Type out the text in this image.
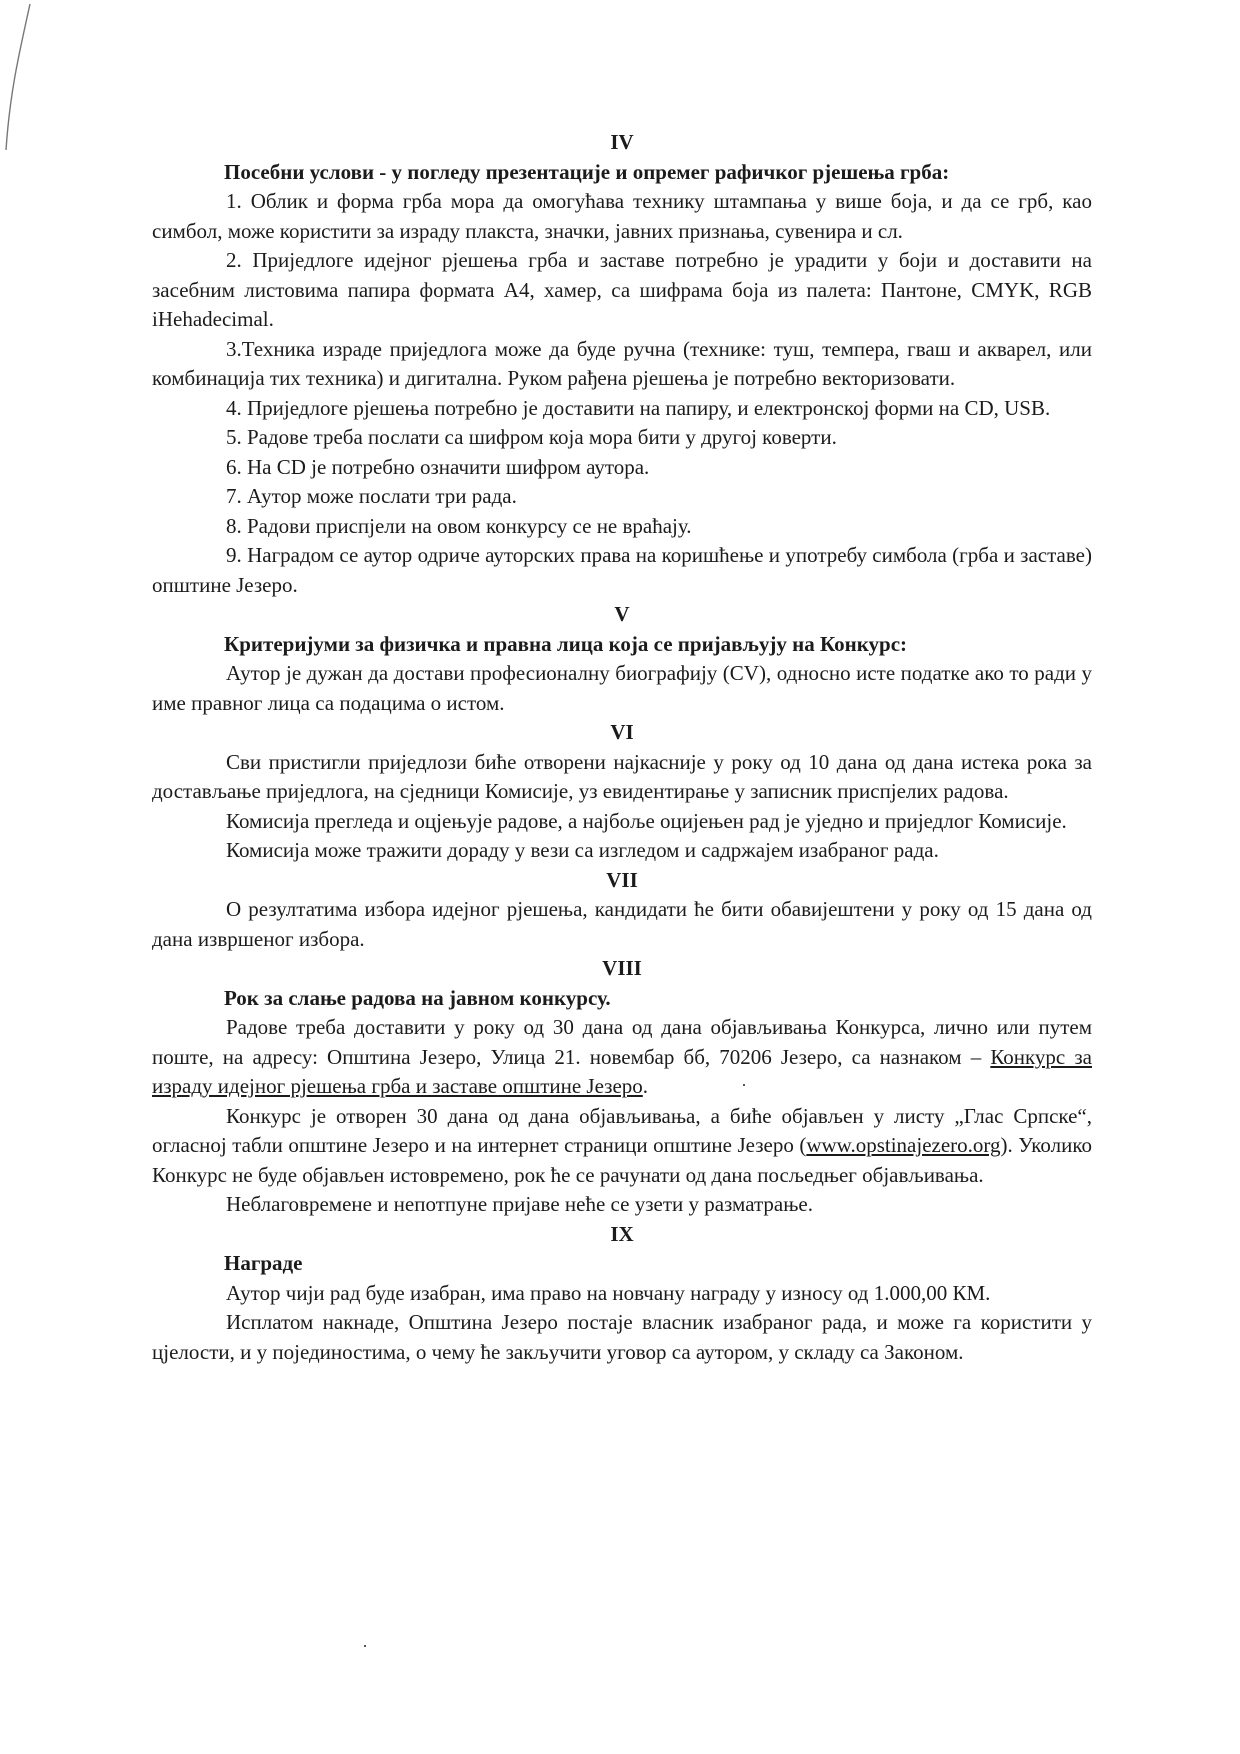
IV
Посебни услови - у погледу презентације и опремег рафичког рјешења грба:

1. Облик и форма грба мора да омогућава технику штампања у више боја, и да се грб, као симбол, може користити за израду плакста, значки, јавних признања, сувенира и сл.

2. Приједлоге идејног рјешења грба и заставе потребно је урадити у боји и доставити на засебним листовима папира формата А4, хамер, са шифрама боја из палета: Пантоне, CMYK, RGB iHehadecimal.

3.Техника израде приједлога може да буде ручна (технике: туш, темпера, гваш и акварел, или комбинација тих техника) и дигитална. Руком рађена рјешења је потребно векторизовати.

4. Приједлоге рјешења потребно је доставити на папиру, и електронској форми на CD, USB.

5. Радове треба послати са шифром која мора бити у другој коверти.

6. На CD је потребно означити шифром аутора.

7. Аутор може послати три рада.

8. Радови приспјели на овом конкурсу се не враћају.

9. Наградом се аутор одриче ауторских права на коришћење и употребу симбола (грба и заставе) општине Језеро.

V
Критеријуми за физичка и правна лица која се пријављују на Конкурс:

Аутор је дужан да достави професионалну биографију (CV), односно исте податке ако то ради у име правног лица са подацима о истом.

VI

Сви пристигли приједлози биће отворени најкасније у року од 10 дана од дана истека рока за достављање приједлога, на сједници Комисије, уз евидентирање у записник приспјелих радова.

Комисија прегледа и оцјењује радове, а најбоље оцијењен рад је уједно и приједлог Комисије.

Комисија може тражити дораду у вези са изгледом и садржајем изабраног рада.

VII

О резултатима избора идејног рјешења, кандидати ће бити обавијештени у року од 15 дана од дана извршеног избора.

VIII
Рок за слање радова на јавном конкурсу.

Радове треба доставити у року од 30 дана од дана објављивања Конкурса, лично или путем поште, на адресу: Општина Језеро, Улица 21. новембар бб, 70206 Језеро, са назнаком – Конкурс за израду идејног рјешења грба и заставе општине Језеро.

Конкурс је отворен 30 дана од дана објављивања, а биће објављен у листу „Глас Српске“, огласној табли општине Језеро и на интернет страници општине Језеро (www.opstinajezero.org). Уколико Конкурс не буде објављен истовремено, рок ће се рачунати од дана посљедњег објављивања.

Неблаговремене и непотпуне пријаве неће се узети у разматрање.

IX
Награде

Аутор чији рад буде изабран, има право на новчану награду у износу од 1.000,00 КМ.

Исплатом накнаде, Општина Језеро постаје власник изабраног рада, и може га користити у цјелости, и у појединостима, о чему ће закључити уговор са аутором, у складу са Законом.
